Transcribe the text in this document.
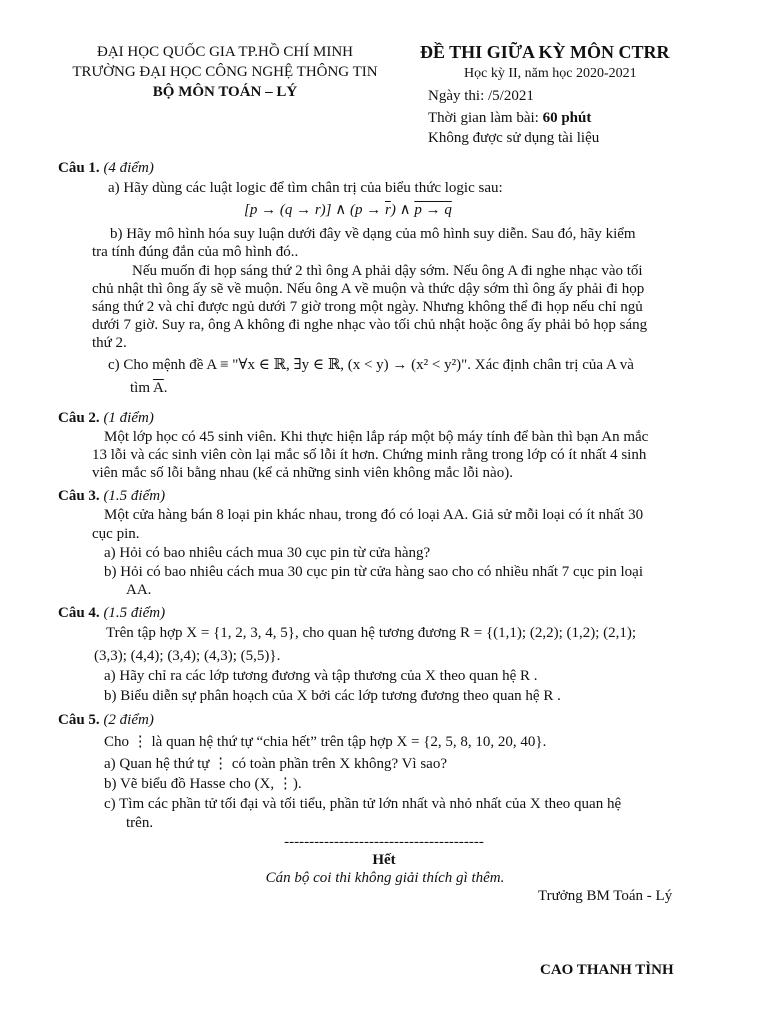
ĐẠI HỌC QUỐC GIA TP.HỒ CHÍ MINH
TRƯỜNG ĐẠI HỌC CÔNG NGHỆ THÔNG TIN
BỘ MÔN TOÁN – LÝ
ĐỀ THI GIỮA KỲ MÔN CTRR
Học kỳ II, năm học 2020-2021
Ngày thi: /5/2021
Thời gian làm bài: 60 phút
Không được sử dụng tài liệu
Câu 1. (4 điểm)
a) Hãy dùng các luật logic để tìm chân trị của biểu thức logic sau:
[p → (q → r)] ∧ $(p \to \overline{r})$ ∧ p → q
b) Hãy mô hình hóa suy luận dưới đây về dạng của mô hình suy diễn. Sau đó, hãy kiểm
tra tính đúng đắn của mô hình đó..
Nếu muốn đi họp sáng thứ 2 thì ông A phải dậy sớm. Nếu ông A đi nghe nhạc vào tối
chủ nhật thì ông ấy sẽ về muộn. Nếu ông A về muộn và thức dậy sớm thì ông ấy phải đi họp
sáng thứ 2 và chỉ được ngủ dưới 7 giờ trong một ngày. Nhưng không thể đi họp nếu chỉ ngủ
dưới 7 giờ. Suy ra, ông A không đi nghe nhạc vào tối chủ nhật hoặc ông ấy phải bỏ họp sáng
thứ 2.
c) Cho mệnh đề A ≡ "∀x ∈ ℝ, ∃y ∈ ℝ, (x < y) → (x² < y²)". Xác định chân trị của A và
tìm $\overline{A}$.
Câu 2. (1 điểm)
Một lớp học có 45 sinh viên. Khi thực hiện lắp ráp một bộ máy tính để bàn thì bạn An mắc
13 lỗi và các sinh viên còn lại mắc số lỗi ít hơn. Chứng minh rằng trong lớp có ít nhất 4 sinh
viên mắc số lỗi bằng nhau (kể cả những sinh viên không mắc lỗi nào).
Câu 3. (1.5 điểm)
Một cửa hàng bán 8 loại pin khác nhau, trong đó có loại AA. Giả sử mỗi loại có ít nhất 30
cục pin.
a) Hỏi có bao nhiêu cách mua 30 cục pin từ cửa hàng?
b) Hỏi có bao nhiêu cách mua 30 cục pin từ cửa hàng sao cho có nhiều nhất 7 cục pin loại
AA.
Câu 4. (1.5 điểm)
Trên tập hợp X = {1, 2, 3, 4, 5}, cho quan hệ tương đương R = {(1,1); (2,2); (1,2); (2,1);
(3,3); (4,4); (3,4); (4,3); (5,5)}.
a) Hãy chỉ ra các lớp tương đương và tập thương của X theo quan hệ R .
b) Biểu diễn sự phân hoạch của X bởi các lớp tương đương theo quan hệ R .
Câu 5. (2 điểm)
Cho ⋮ là quan hệ thứ tự “chia hết” trên tập hợp X = {2, 5, 8, 10, 20, 40}.
a) Quan hệ thứ tự ⋮ có toàn phần trên X không? Vì sao?
b) Vẽ biểu đồ Hasse cho (X, ⋮).
c) Tìm các phần tử tối đại và tối tiểu, phần tử lớn nhất và nhỏ nhất của X theo quan hệ
trên.
----------------------------------------
Hết
Cán bộ coi thi không giải thích gì thêm.
Trưởng BM Toán - Lý
CAO THANH TÌNH
